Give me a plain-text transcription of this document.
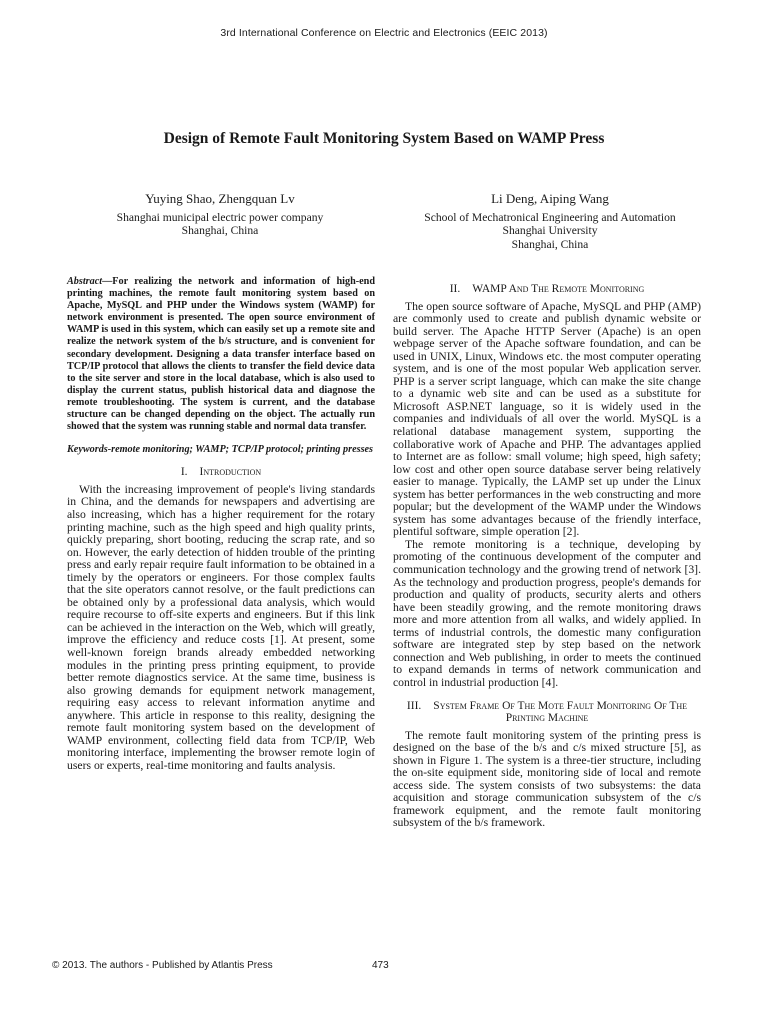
3rd International Conference on Electric and Electronics (EEIC 2013)
Design of Remote Fault Monitoring System Based on WAMP Press
Yuying Shao, Zhengquan Lv
Shanghai municipal electric power company
Shanghai, China
Li Deng, Aiping Wang
School of Mechatronical Engineering and Automation
Shanghai University
Shanghai, China

Abstract—For realizing the network and information of high-end printing machines, the remote fault monitoring system based on Apache, MySQL and PHP under the Windows system (WAMP) for network environment is presented. The open source environment of WAMP is used in this system, which can easily set up a remote site and realize the network system of the b/s structure, and is convenient for secondary development. Designing a data transfer interface based on TCP/IP protocol that allows the clients to transfer the field device data to the site server and store in the local database, which is also used to display the current status, publish historical data and diagnose the remote troubleshooting. The system is current, and the database structure can be changed depending on the object. The actually run showed that the system was running stable and normal data transfer.

Keywords-remote monitoring; WAMP; TCP/IP protocol; printing presses

I. Introduction

With the increasing improvement of people's living standards in China, and the demands for newspapers and advertising are also increasing, which has a higher requirement for the rotary printing machine, such as the high speed and high quality prints, quickly preparing, short booting, reducing the scrap rate, and so on. However, the early detection of hidden trouble of the printing press and early repair require fault information to be obtained in a timely by the operators or engineers. For those complex faults that the site operators cannot resolve, or the fault predictions can be obtained only by a professional data analysis, which would require recourse to off-site experts and engineers. But if this link can be achieved in the interaction on the Web, which will greatly, improve the efficiency and reduce costs [1]. At present, some well-known foreign brands already embedded networking modules in the printing press printing equipment, to provide better remote diagnostics service. At the same time, business is also growing demands for equipment network management, requiring easy access to relevant information anytime and anywhere. This article in response to this reality, designing the remote fault monitoring system based on the development of WAMP environment, collecting field data from TCP/IP, Web monitoring interface, implementing the browser remote login of users or experts, real-time monitoring and faults analysis.

II. WAMP And The Remote Monitoring

The open source software of Apache, MySQL and PHP (AMP) are commonly used to create and publish dynamic website or build server. The Apache HTTP Server (Apache) is an open webpage server of the Apache software foundation, and can be used in UNIX, Linux, Windows etc. the most computer operating system, and is one of the most popular Web application server. PHP is a server script language, which can make the site change to a dynamic web site and can be used as a substitute for Microsoft ASP.NET language, so it is widely used in the companies and individuals of all over the world. MySQL is a relational database management system, supporting the collaborative work of Apache and PHP. The advantages applied to Internet are as follow: small volume; high speed, high safety; low cost and other open source database server being relatively easier to manage. Typically, the LAMP set up under the Linux system has better performances in the web constructing and more popular; but the development of the WAMP under the Windows system has some advantages because of the friendly interface, plentiful software, simple operation [2].

The remote monitoring is a technique, developing by promoting of the continuous development of the computer and communication technology and the growing trend of network [3]. As the technology and production progress, people's demands for production and quality of products, security alerts and others have been steadily growing, and the remote monitoring draws more and more attention from all walks, and widely applied. In terms of industrial controls, the domestic many configuration software are integrated step by step based on the network connection and Web publishing, in order to meets the continued to expand demands in terms of network communication and control in industrial production [4].

III. System Frame Of The Mote Fault Monitoring Of The Printing Machine

The remote fault monitoring system of the printing press is designed on the base of the b/s and c/s mixed structure [5], as shown in Figure 1. The system is a three-tier structure, including the on-site equipment side, monitoring side of local and remote access side. The system consists of two subsystems: the data acquisition and storage communication subsystem of the c/s framework equipment, and the remote fault monitoring subsystem of the b/s framework.

© 2013. The authors - Published by Atlantis Press	473
